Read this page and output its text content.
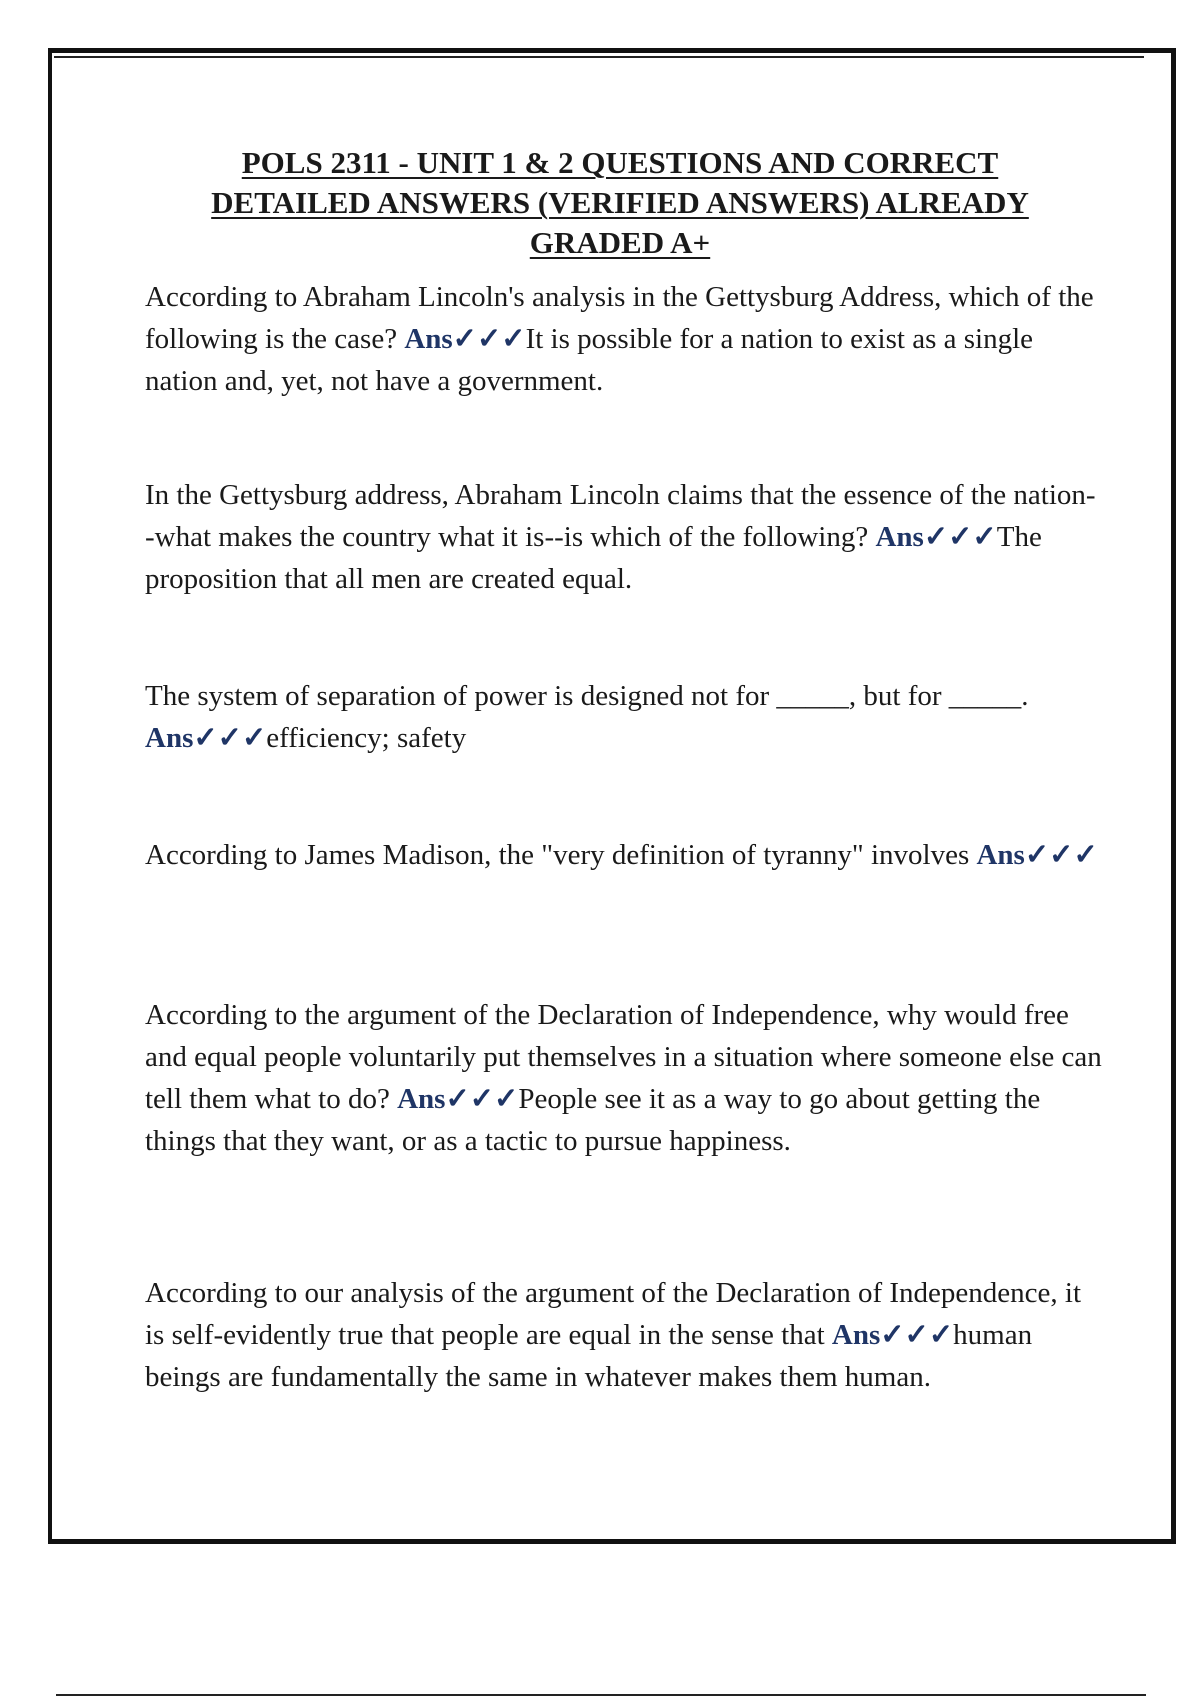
POLS 2311 - UNIT 1 & 2 QUESTIONS AND CORRECT
DETAILED ANSWERS (VERIFIED ANSWERS) ALREADY
GRADED A+

According to Abraham Lincoln's analysis in the Gettysburg Address, which of the following is the case? Ans✓✓✓It is possible for a nation to exist as a single nation and, yet, not have a government.

In the Gettysburg address, Abraham Lincoln claims that the essence of the nation--what makes the country what it is--is which of the following? Ans✓✓✓The proposition that all men are created equal.

The system of separation of power is designed not for _____, but for _____. Ans✓✓✓efficiency; safety

According to James Madison, the "very definition of tyranny" involves Ans✓✓✓

According to the argument of the Declaration of Independence, why would free and equal people voluntarily put themselves in a situation where someone else can tell them what to do? Ans✓✓✓People see it as a way to go about getting the things that they want, or as a tactic to pursue happiness.

According to our analysis of the argument of the Declaration of Independence, it is self-evidently true that people are equal in the sense that Ans✓✓✓human beings are fundamentally the same in whatever makes them human.
